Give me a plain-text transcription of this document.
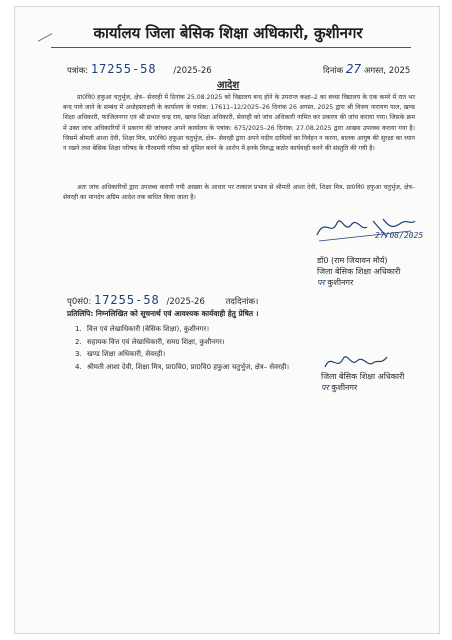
कार्यालय जिला बेसिक शिक्षा अधिकारी, कुशीनगर
पत्रांक: 17255-58 /2025-26	दिनांक 27 अगस्त, 2025
आदेश
प्रा0वि0 हफुआ चतुर्भुज, क्षेत्र– सेवरही में दिनांक 25.08.2025 को विद्यालय बन्द होने के उपरान्त कक्षा–2 का बच्चा विद्यालय के एक कमरे में रात भर बन्द पाये जाने के सम्बंध में अधोहस्ताक्षरी के कार्यालय के पत्रांक: 17611–12/2025–26 दिनांक 26 अगस्त, 2025 द्वारा श्री विजय नारायण पाल, खण्ड शिक्षा अधिकारी, फाजिलनगर एवं श्री प्रभात चन्द्र राय, खण्ड शिक्षा अधिकारी, सेवरही को जांच अधिकारी नामित कर प्रकरण की जांच कराया गया। जिसके क्रम में उक्त जांच अधिकारियों ने प्रकरण की जांचकर अपने कार्यालय के पत्रांक: 675/2025–26 दिनांक: 27.08.2025 द्वारा आख्या उपलब्ध कराया गया है। जिसमें श्रीमती आशा देवी, शिक्षा मित्र, प्रा0वि0 हफुआ चतुर्भुज, क्षेत्र– सेवरही द्वारा अपने पदीय दायित्वों का निर्वहन न करना, बालक आयुष की सुरक्षा का ध्यान न रखने तथा बेसिक शिक्षा परिषद के गौरवमयी गरिमा को धूमिल करने के आरोप में इनके विरुद्ध कठोर कार्यवाही करने की संस्तुति की गयी है।
अतः जांच अधिकारियों द्वारा उपलब्ध करायी गयी आख्या के आधार पर तत्काल प्रभाव से श्रीमती आशा देवी, शिक्षा मित्र, प्रा0वि0 हफुआ चतुर्भुज, क्षेत्र– सेवरही का मानदेय अग्रिम आदेश तक बाधित किया जाता है।
27/08/2025
डॉ0 (राम जियावन मौर्य)
जिला बेसिक शिक्षा अधिकारी
पर कुशीनगर
पृ0सं0: 17255-58 /2025-26 तददिनांक।
प्रतिलिपि: निम्नलिखित को सूचनार्थ एवं आवश्यक कार्यवाही हेतु प्रेषित ।
1. वित्त एवं लेखाधिकारी (बेसिक शिक्षा), कुशीनगर।
2. सहायक वित्त एवं लेखाधिकारी, समग्र शिक्षा, कुशीनगर।
3. खण्ड शिक्षा अधिकारी, सेवरही।
4. श्रीमती आशा देवी, शिक्षा मित्र, प्रा0वि0, प्रा0वि0 हफुआ चतुर्भुज, क्षेत्र– सेवरही।
जिला बेसिक शिक्षा अधिकारी
पर कुशीनगर
